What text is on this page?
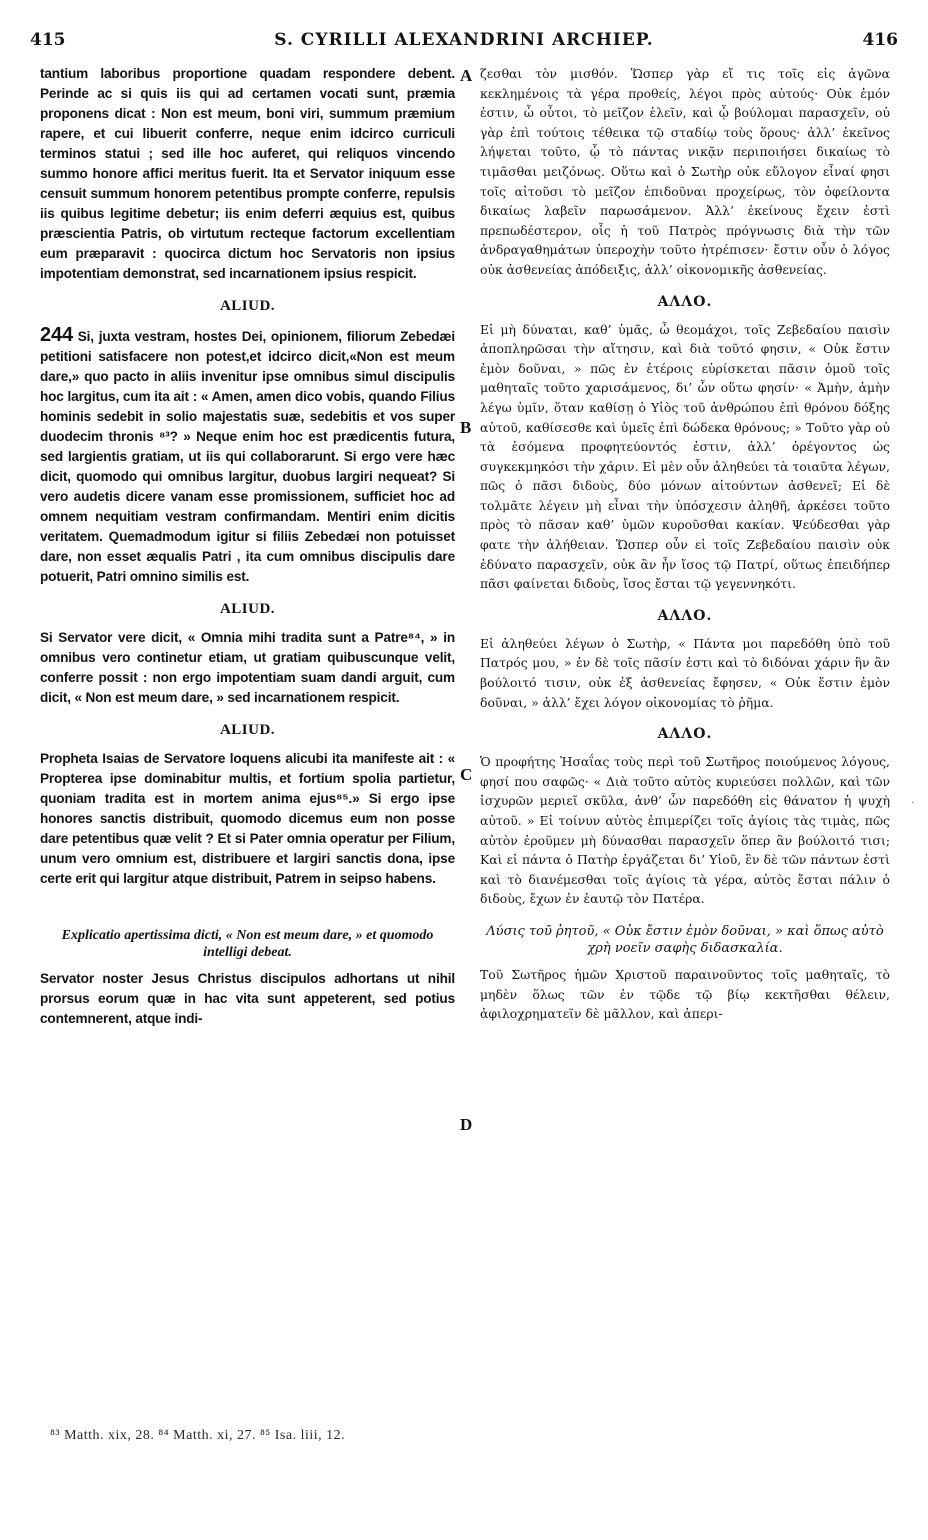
415	S. CYRILLI ALEXANDRINI ARCHIEP.	416

tantium laboribus proportione quadam respondere debent. Perinde ac si quis iis qui ad certamen vocati sunt, præmia proponens dicat : Non est meum, boni viri, summum præmium rapere, et cui libuerit conferre, neque enim idcirco curriculi terminos statui ; sed ille hoc auferet, qui reliquos vincendo summo honore affici meritus fuerit. Ita et Servator iniquum esse censuit summum honorem petentibus prompte conferre, repulsis iis quibus legitime debetur; iis enim deferri æquius est, quibus præscientia Patris, ob virtutum recteque factorum excellentiam eum præparavit : quocirca dictum hoc Servatoris non ipsius impotentiam demonstrat, sed incarnationem ipsius respicit.

ALIUD.

244 Si, juxta vestram, hostes Dei, opinionem, filiorum Zebedæi petitioni satisfacere non potest,et idcirco dicit,«Non est meum dare,» quo pacto in aliis invenitur ipse omnibus simul discipulis hoc largitus, cum ita ait : « Amen, amen dico vobis, quando Filius hominis sedebit in solio majestatis suæ, sedebitis et vos super duodecim thronis ⁸³? » Neque enim hoc est prædicentis futura, sed largientis gratiam, ut iis qui collaborarunt. Si ergo vere hæc dicit, quomodo qui omnibus largitur, duobus largiri nequeat? Si vero audetis dicere vanam esse promissionem, sufficiet hoc ad omnem nequitiam vestram confirmandam. Mentiri enim dicitis veritatem. Quemadmodum igitur si filiis Zebedæi non potuisset dare, non esset æqualis Patri , ita cum omnibus discipulis dare potuerit, Patri omnino similis est.

ALIUD.

Si Servator vere dicit, « Omnia mihi tradita sunt a Patre⁸⁴, » in omnibus vero continetur etiam, ut gratiam quibuscunque velit, conferre possit : non ergo impotentiam suam dandi arguit, cum dicit, « Non est meum dare, » sed incarnationem respicit.

ALIUD.

Propheta Isaias de Servatore loquens alicubi ita manifeste ait : « Propterea ipse dominabitur multis, et fortium spolia partietur, quoniam tradita est in mortem anima ejus⁸⁵.» Si ergo ipse honores sanctis distribuit, quomodo dicemus eum non posse dare petentibus quæ velit ? Et si Pater omnia operatur per Filium, unum vero omnium est, distribuere et largiri sanctis dona, ipse certe erit qui largitur atque distribuit, Patrem in seipso habens.

Explicatio apertissima dicti, « Non est meum dare, » et quomodo intelligi debeat.

Servator noster Jesus Christus discipulos adhortans ut nihil prorsus eorum quæ in hac vita sunt appeterent, sed potius contemnerent, atque indi-

ζεσθαι τὸν μισθόν. Ὥσπερ γὰρ εἴ τις τοῖς εἰς ἀγῶνα κεκλημένοις τὰ γέρα προθείς, λέγοι πρὸς αὐτούς· Οὐκ ἐμόν ἐστιν, ὦ οὗτοι, τὸ μεῖζον ἑλεῖν, καὶ ᾧ βούλομαι παρασχεῖν, οὐ γὰρ ἐπὶ τούτοις τέθεικα τῷ σταδίῳ τοὺς ὅρους· ἀλλ’ ἐκεῖνος λήψεται τοῦτο, ᾧ τὸ πάντας νικᾷν περιποιήσει δικαίως τὸ τιμᾶσθαι μειζόνως. Οὕτω καὶ ὁ Σωτὴρ οὐκ εὔλογον εἶναί φησι τοῖς αἰτοῦσι τὸ μεῖζον ἐπιδοῦναι προχείρως, τὸν ὀφείλοντα δικαίως λαβεῖν παρωσάμενον. Ἀλλ’ ἐκείνους ἔχειν ἐστὶ πρεπωδέστερον, οἷς ἡ τοῦ Πατρὸς πρόγνωσις διὰ τὴν τῶν ἀνδραγαθημάτων ὑπεροχὴν τοῦτο ἡτρέπισεν· ἔστιν οὖν ὁ λόγος οὐκ ἀσθενείας ἀπόδειξις, ἀλλ’ οἰκονομικῆς ἀσθενείας.

ΑΛΛΟ.

Εἰ μὴ δύναται, καθ’ ὑμᾶς, ὦ θεομάχοι, τοῖς Ζεβεδαίου παισὶν ἀποπληρῶσαι τὴν αἴτησιν, καὶ διὰ τοῦτό φησιν, « Οὐκ ἔστιν ἐμὸν δοῦναι, » πῶς ἐν ἑτέροις εὑρίσκεται πᾶσιν ὁμοῦ τοῖς μαθηταῖς τοῦτο χαρισάμενος, δι’ ὧν οὕτω φησίν· « Ἀμὴν, ἀμὴν λέγω ὑμῖν, ὅταν καθίσῃ ὁ Υἱὸς τοῦ ἀνθρώπου ἐπὶ θρόνου δόξης αὐτοῦ, καθίσεσθε καὶ ὑμεῖς ἐπὶ δώδεκα θρόνους; » Τοῦτο γὰρ οὐ τὰ ἐσόμενα προφητεύοντός ἐστιν, ἀλλ’ ὀρέγοντος ὡς συγκεκμηκόσι τὴν χάριν. Εἰ μὲν οὖν ἀληθεύει τὰ τοιαῦτα λέγων, πῶς ὁ πᾶσι διδοὺς, δύο μόνων αἰτούντων ἀσθενεῖ; Εἰ δὲ τολμᾶτε λέγειν μὴ εἶναι τὴν ὑπόσχεσιν ἀληθῆ, ἀρκέσει τοῦτο πρὸς τὸ πᾶσαν καθ’ ὑμῶν κυροῦσθαι κακίαν. Ψεύδεσθαι γὰρ φατε τὴν ἀλήθειαν. Ὥσπερ οὖν εἰ τοῖς Ζεβεδαίου παισὶν οὐκ ἐδύνατο παρασχεῖν, οὐκ ἂν ἦν ἴσος τῷ Πατρί, οὕτως ἐπειδήπερ πᾶσι φαίνεται διδοὺς, ἴσος ἔσται τῷ γεγεννηκότι.

ΑΛΛΟ.

Εἰ ἀληθεύει λέγων ὁ Σωτὴρ, « Πάντα μοι παρεδόθη ὑπὸ τοῦ Πατρός μου, » ἐν δὲ τοῖς πᾶσίν ἐστι καὶ τὸ διδόναι χάριν ἣν ἂν βούλοιτό τισιν, οὐκ ἐξ ἀσθενείας ἔφησεν, « Οὐκ ἔστιν ἐμὸν δοῦναι, » ἀλλ’ ἔχει λόγον οἰκονομίας τὸ ῥῆμα.

ΑΛΛΟ.

Ὁ προφήτης Ἡσαΐας τοὺς περὶ τοῦ Σωτῆρος ποιούμενος λόγους, φησί που σαφῶς· « Διὰ τοῦτο αὐτὸς κυριεύσει πολλῶν, καὶ τῶν ἰσχυρῶν μεριεῖ σκῦλα, ἀνθ’ ὧν παρεδόθη εἰς θάνατον ἡ ψυχὴ αὐτοῦ. » Εἰ τοίνυν αὐτὸς ἐπιμερίζει τοῖς ἁγίοις τὰς τιμὰς, πῶς αὐτὸν ἐροῦμεν μὴ δύνασθαι παρασχεῖν ὅπερ ἂν βούλοιτό τισι; Καὶ εἰ πάντα ὁ Πατὴρ ἐργάζεται δι’ Υἱοῦ, ἓν δὲ τῶν πάντων ἐστὶ καὶ τὸ διανέμεσθαι τοῖς ἁγίοις τὰ γέρα, αὐτὸς ἔσται πάλιν ὁ διδοὺς, ἔχων ἐν ἑαυτῷ τὸν Πατέρα.

Λύσις τοῦ ῥητοῦ, « Οὐκ ἔστιν ἐμὸν δοῦναι, » καὶ ὅπως αὐτὸ χρὴ νοεῖν σαφὴς διδασκαλία.

Τοῦ Σωτῆρος ἡμῶν Χριστοῦ παραινοῦντος τοῖς μαθηταῖς, τὸ μηδὲν ὅλως τῶν ἐν τῷδε τῷ βίῳ κεκτῆσθαι θέλειν, ἀφιλοχρηματεῖν δὲ μᾶλλον, καὶ ἀπερι-

A
B
C
D
⁸³ Matth. xix, 28. ⁸⁴ Matth. xi, 27. ⁸⁵ Isa. liii, 12.
·
